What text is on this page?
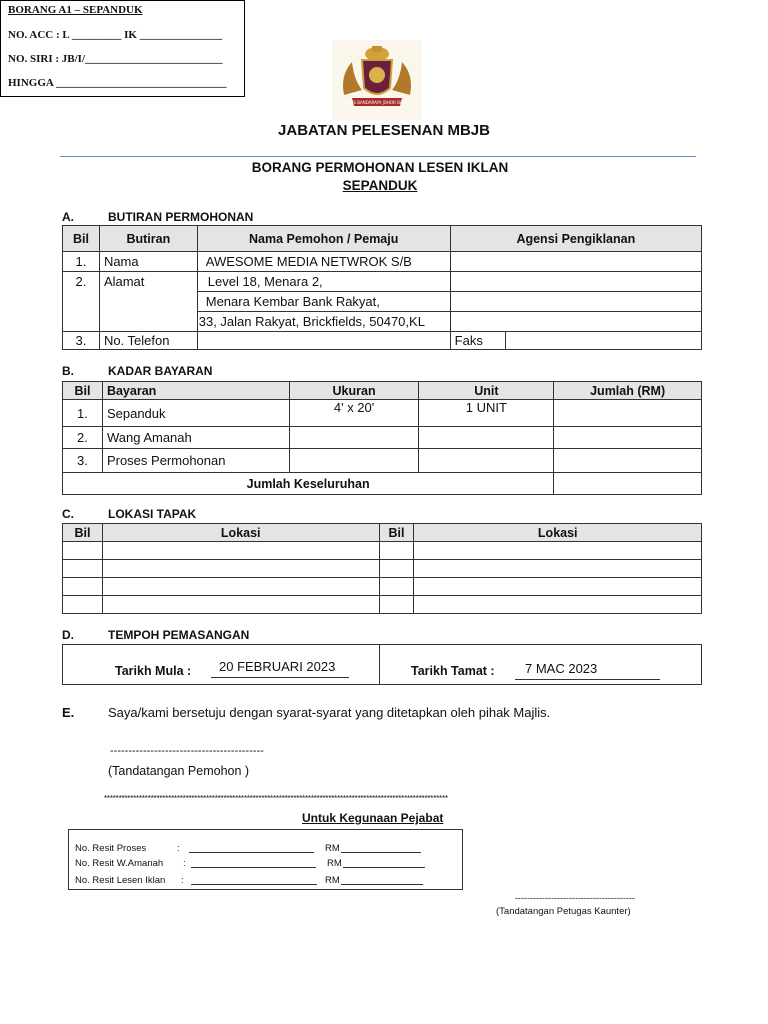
BORANG A1 – SEPANDUK
NO. ACC : L _________ IK _______________
NO. SIRI : JB/I/_________________________
HINGGA _______________________________
MAJLIS BANDARAYA JOHOR BAHRU
JABATAN PELESENAN MBJB
BORANG PERMOHONAN LESEN IKLAN
SEPANDUK
A.	BUTIRAN PERMOHONAN
Bil	Butiran	Nama Pemohon / Pemaju	Agensi Pengiklanan
1.	Nama	AWESOME MEDIA NETWROK S/B	
2.	Alamat	Level 18, Menara 2,	
		Menara Kembar Bank Rakyat,	
		33, Jalan Rakyat, Brickfields, 50470,KL	
3.	No. Telefon		Faks
B.	KADAR BAYARAN
Bil	Bayaran	Ukuran	Unit	Jumlah (RM)
1.	Sepanduk	4' x 20'	1 UNIT	
2.	Wang Amanah			
3.	Proses Permohonan			
Jumlah Keseluruhan				
C.	LOKASI TAPAK
Bil	Lokasi	Bil	Lokasi

D.	TEMPOH PEMASANGAN
Tarikh Mula : 20 FEBRUARI 2023	Tarikh Tamat : 7 MAC 2023
E.	Saya/kami bersetuju dengan syarat-syarat yang ditetapkan oleh pihak Majlis.
------------------------------------------
(Tandatangan Pemohon )
**********************************************************************************************************************
Untuk Kegunaan Pejabat
No. Resit Proses	:	RM
No. Resit W.Amanah :	RM
No. Resit Lesen Iklan :	RM
----------------------------------------
(Tandatangan Petugas Kaunter)
